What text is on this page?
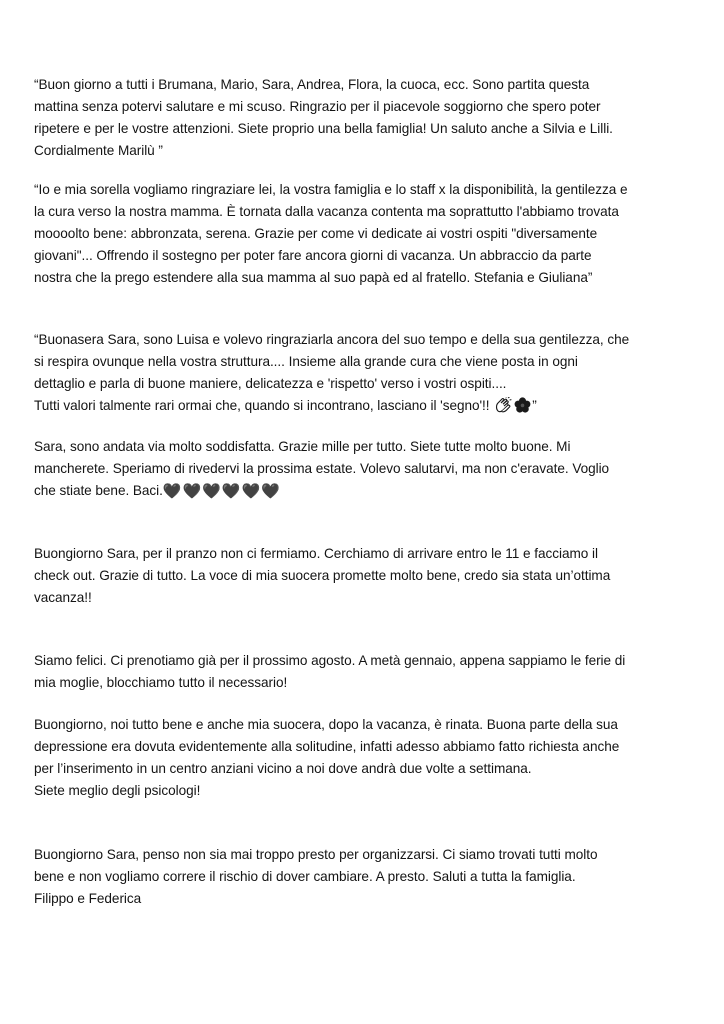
“Buon giorno a tutti i Brumana, Mario, Sara, Andrea, Flora, la cuoca, ecc. Sono partita questa
mattina senza potervi salutare e mi scuso. Ringrazio per il piacevole soggiorno che spero poter
ripetere e per le vostre attenzioni. Siete proprio una bella famiglia! Un saluto anche a Silvia e Lilli.
Cordialmente Marilù ”
“Io e mia sorella vogliamo ringraziare lei, la vostra famiglia e lo staff x la disponibilità, la gentilezza e
la cura verso la nostra mamma. È tornata dalla vacanza contenta ma soprattutto l'abbiamo trovata
moooolto bene: abbronzata, serena. Grazie per come vi dedicate ai vostri ospiti "diversamente
giovani"... Offrendo il sostegno per poter fare ancora giorni di vacanza. Un abbraccio da parte
nostra che la prego estendere alla sua mamma al suo papà ed al fratello. Stefania e Giuliana”
“Buonasera Sara, sono Luisa e volevo ringraziarla ancora del suo tempo e della sua gentilezza, che
si respira ovunque nella vostra struttura.... Insieme alla grande cura che viene posta in ogni
dettaglio e parla di buone maniere, delicatezza e 'rispetto' verso i vostri ospiti....
Tutti valori talmente rari ormai che, quando si incontrano, lasciano il 'segno'!!	”
Sara, sono andata via molto soddisfatta. Grazie mille per tutto. Siete tutte molto buone. Mi
mancherete. Speriamo di rivedervi la prossima estate. Volevo salutarvi, ma non c'eravate. Voglio
che stiate bene. Baci.🖤🖤🖤🖤🖤🖤
Buongiorno Sara, per il pranzo non ci fermiamo. Cerchiamo di arrivare entro le 11 e facciamo il
check out. Grazie di tutto. La voce di mia suocera promette molto bene, credo sia stata un’ottima
vacanza!!
Siamo felici. Ci prenotiamo già per il prossimo agosto. A metà gennaio, appena sappiamo le ferie di
mia moglie, blocchiamo tutto il necessario!
Buongiorno, noi tutto bene e anche mia suocera, dopo la vacanza, è rinata. Buona parte della sua
depressione era dovuta evidentemente alla solitudine, infatti adesso abbiamo fatto richiesta anche
per l’inserimento in un centro anziani vicino a noi dove andrà due volte a settimana.
Siete meglio degli psicologi!
Buongiorno Sara, penso non sia mai troppo presto per organizzarsi. Ci siamo trovati tutti molto
bene e non vogliamo correre il rischio di dover cambiare. A presto. Saluti a tutta la famiglia.
Filippo e Federica
